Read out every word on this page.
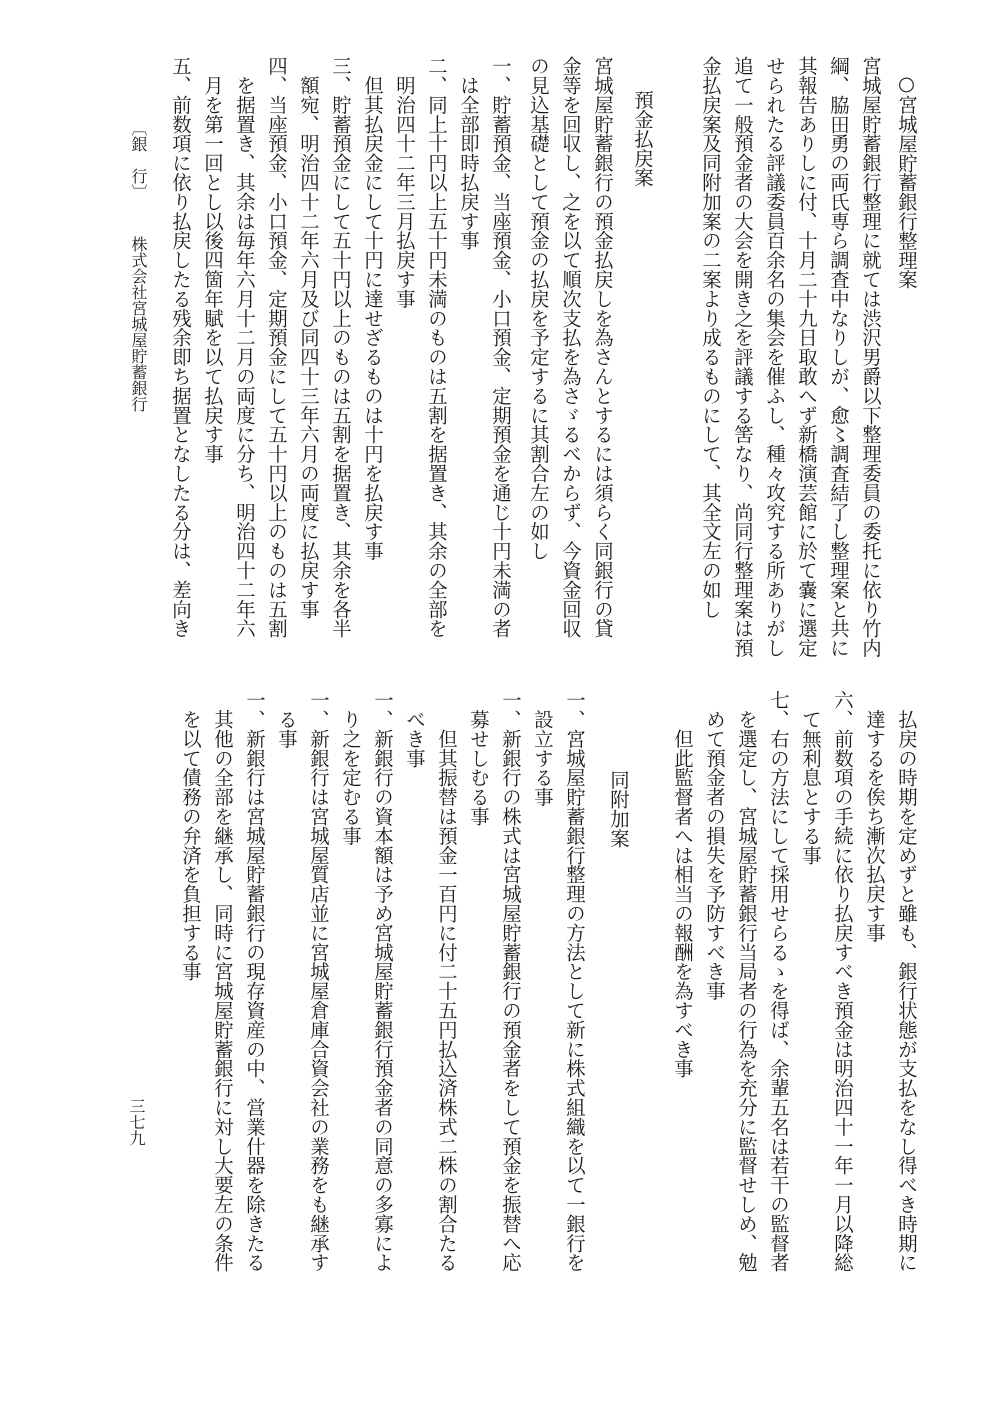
○宮城屋貯蓄銀行整理案
宮城屋貯蓄銀行整理に就ては渋沢男爵以下整理委員の委托に依り竹内
綱、脇田勇の両氏専ら調査中なりしが、愈〻調査結了し整理案と共に
其報告ありしに付、十月二十九日取敢へず新橋演芸館に於て嚢に選定
せられたる評議委員百余名の集会を催ふし、種々攻究する所ありがし
追て一般預金者の大会を開き之を評議する筈なり、尚同行整理案は預
金払戻案及同附加案の二案より成るものにして、其全文左の如し
預金払戻案
宮城屋貯蓄銀行の預金払戻しを為さんとするには須らく同銀行の貸
金等を回収し、之を以て順次支払を為さゞるべからず、今資金回収
の見込基礎として預金の払戻を予定するに其割合左の如し
一、貯蓄預金、当座預金、小口預金、定期預金を通じ十円未満の者
　は全部即時払戻す事
二、同上十円以上五十円未満のものは五割を据置き、其余の全部を
　明治四十二年三月払戻す事
　但其払戻金にして十円に達せざるものは十円を払戻す事
三、貯蓄預金にして五十円以上のものは五割を据置き、其余を各半
　額宛、明治四十二年六月及び同四十三年六月の両度に払戻す事
四、当座預金、小口預金、定期預金にして五十円以上のものは五割
　を据置き、其余は毎年六月十二月の両度に分ち、明治四十二年六
　月を第一回とし以後四箇年賦を以て払戻す事
五、前数項に依り払戻したる残余即ち据置となしたる分は、差向き
〔銀　行〕
株式会社宮城屋貯蓄銀行
　払戻の時期を定めずと雖も、銀行状態が支払をなし得べき時期に
　達するを俟ち漸次払戻す事
六、前数項の手続に依り払戻すべき預金は明治四十一年一月以降総
　て無利息とする事
七、右の方法にして採用せらるゝを得ば、余輩五名は若干の監督者
　を選定し、宮城屋貯蓄銀行当局者の行為を充分に監督せしめ、勉
　めて預金者の損失を予防すべき事
　　但此監督者へは相当の報酬を為すべき事
同附加案
一、宮城屋貯蓄銀行整理の方法として新に株式組織を以て一銀行を
　設立する事
一、新銀行の株式は宮城屋貯蓄銀行の預金者をして預金を振替へ応
　募せしむる事
　　但其振替は預金一百円に付二十五円払込済株式二株の割合たる
　べき事
一、新銀行の資本額は予め宮城屋貯蓄銀行預金者の同意の多寡によ
　り之を定むる事
一、新銀行は宮城屋質店並に宮城屋倉庫合資会社の業務をも継承す
　る事
一、新銀行は宮城屋貯蓄銀行の現存資産の中、営業什器を除きたる
　其他の全部を継承し、同時に宮城屋貯蓄銀行に対し大要左の条件
　を以て債務の弁済を負担する事
三七九
